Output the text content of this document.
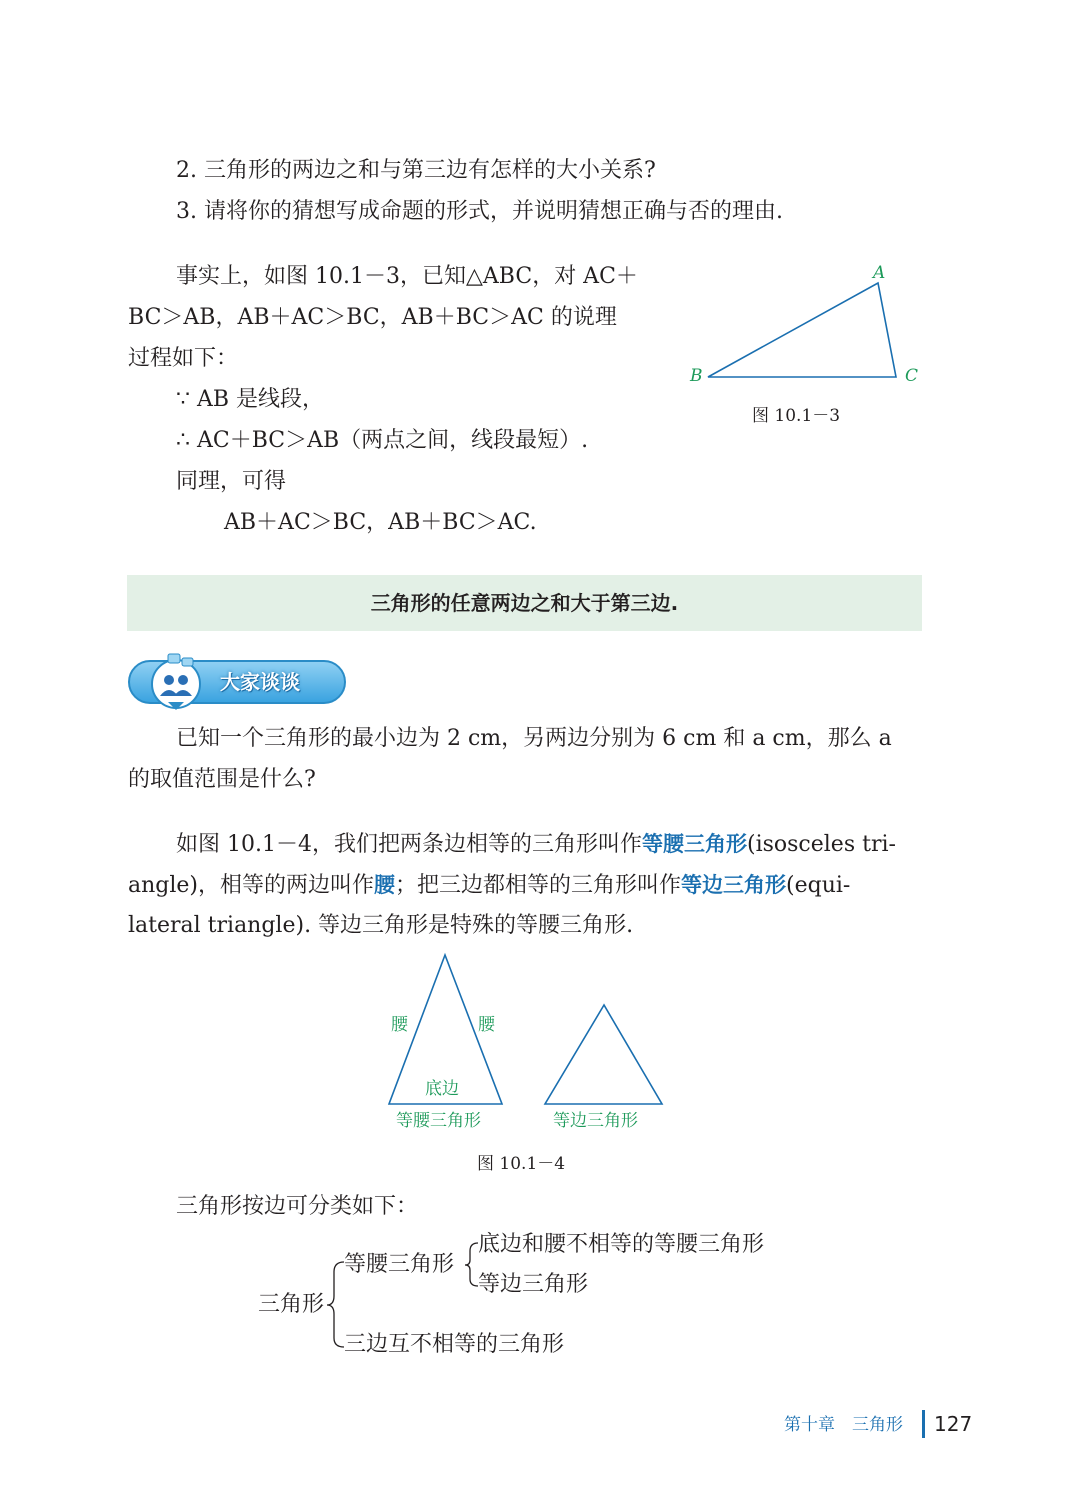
2. 三角形的两边之和与第三边有怎样的大小关系?
3. 请将你的猜想写成命题的形式，并说明猜想正确与否的理由.
事实上，如图 10.1－3，已知△ABC，对 AC＋
BC＞AB，AB＋AC＞BC，AB＋BC＞AC 的说理
过程如下：
∵ AB 是线段，
∴ AC＋BC＞AB（两点之间，线段最短）.
同理，可得
AB＋AC＞BC，AB＋BC＞AC.
A
B	C
图 10.1－3
三角形的任意两边之和大于第三边.
大家谈谈
已知一个三角形的最小边为 2 cm，另两边分别为 6 cm 和 a cm，那么 a
的取值范围是什么?
如图 10.1－4，我们把两条边相等的三角形叫作等腰三角形(isosceles tri-
angle)，相等的两边叫作腰；把三边都相等的三角形叫作等边三角形(equi-
lateral triangle). 等边三角形是特殊的等腰三角形.
腰	腰
底边
等腰三角形	等边三角形
图 10.1－4
三角形按边可分类如下：
三角形
等腰三角形
底边和腰不相等的等腰三角形
等边三角形
三边互不相等的三角形
第十章　三角形 127
